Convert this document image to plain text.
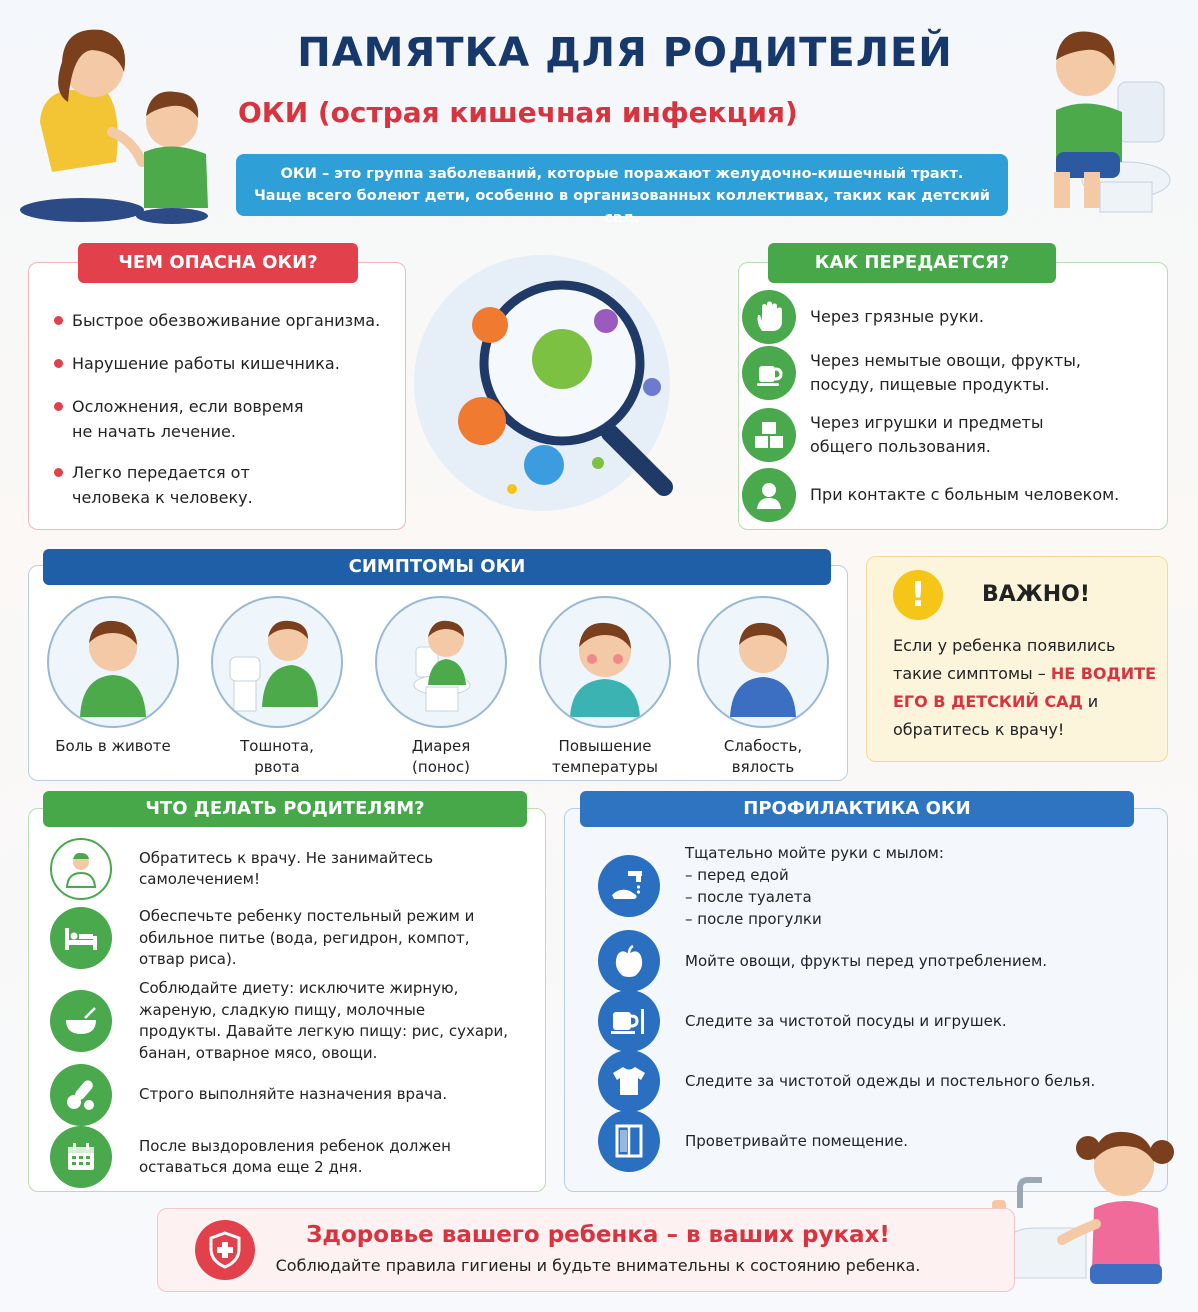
ПАМЯТКА ДЛЯ РОДИТЕЛЕЙ
ОКИ (острая кишечная инфекция)
ОКИ – это группа заболеваний, которые поражают желудочно-кишечный тракт.
Чаще всего болеют дети, особенно в организованных коллективах, таких как детский сад.
ЧЕМ ОПАСНА ОКИ?
Быстрое обезвоживание организма.
Нарушение работы кишечника.
Осложнения, если вовремя не начать лечение.
Легко передается от человека к человеку.
КАК ПЕРЕДАЕТСЯ?
Через грязные руки.
Через немытые овощи, фрукты, посуду, пищевые продукты.
Через игрушки и предметы общего пользования.
При контакте с больным человеком.
СИМПТОМЫ ОКИ
Боль в животе	Тошнота,
рвота
Диарея
(понос)
Повышение
температуры
Слабость,
вялость
!	ВАЖНО!
Если у ребенка появились такие симптомы – НЕ ВОДИТЕ ЕГО В ДЕТСКИЙ САД и обратитесь к врачу!
ЧТО ДЕЛАТЬ РОДИТЕЛЯМ?
Обратитесь к врачу. Не занимайтесь самолечением!
Обеспечьте ребенку постельный режим и обильное питье (вода, регидрон, компот, отвар риса).
Соблюдайте диету: исключите жирную, жареную, сладкую пищу, молочные продукты. Давайте легкую пищу: рис, сухари, банан, отварное мясо, овощи.
Строго выполняйте назначения врача.
После выздоровления ребенок должен оставаться дома еще 2 дня.
ПРОФИЛАКТИКА ОКИ
Тщательно мойте руки с мылом:
– перед едой
– после туалета
– после прогулки
Мойте овощи, фрукты перед употреблением.
Следите за чистотой посуды и игрушек.
Следите за чистотой одежды и постельного белья.
Проветривайте помещение.
Здоровье вашего ребенка – в ваших руках!
Соблюдайте правила гигиены и будьте внимательны к состоянию ребенка.
